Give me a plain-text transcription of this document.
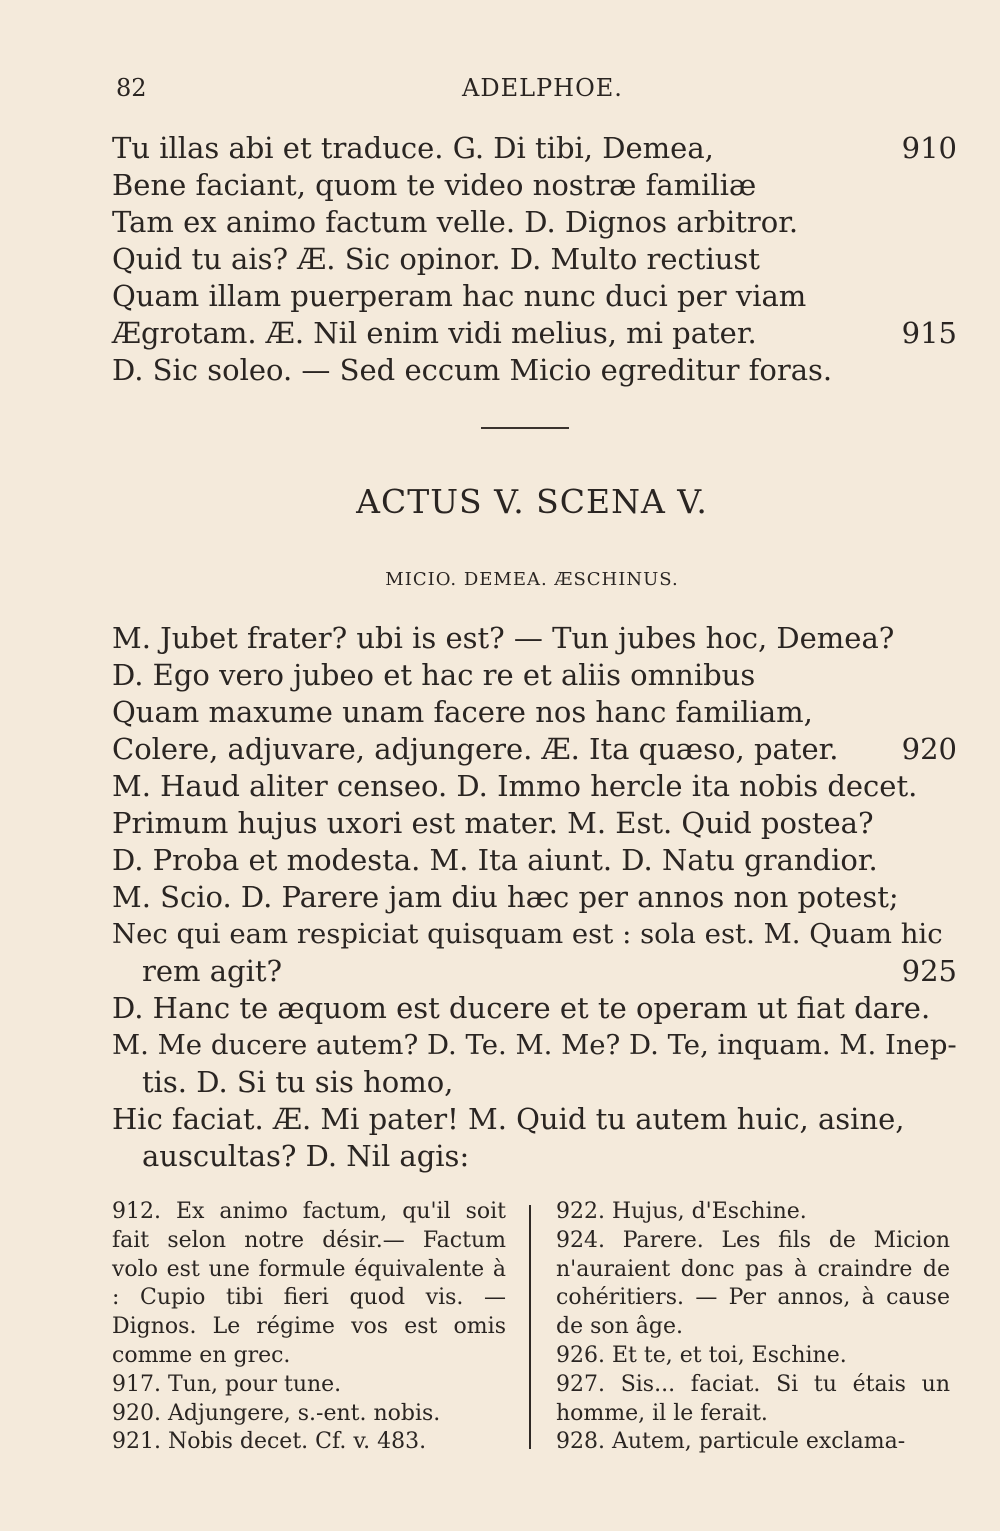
82	ADELPHOE.
Tu illas abi et traduce. G. Di tibi, Demea,	910
Bene faciant, quom te video nostræ familiæ
Tam ex animo factum velle. D. Dignos arbitror.
Quid tu ais? Æ. Sic opinor. D. Multo rectiust
Quam illam puerperam hac nunc duci per viam
Ægrotam. Æ. Nil enim vidi melius, mi pater.	915
D. Sic soleo. — Sed eccum Micio egreditur foras.
ACTUS V. SCENA V.
MICIO. DEMEA. ÆSCHINUS.
M. Jubet frater? ubi is est? — Tun jubes hoc, Demea?
D. Ego vero jubeo et hac re et aliis omnibus
Quam maxume unam facere nos hanc familiam,
Colere, adjuvare, adjungere. Æ. Ita quæso, pater. 920
M. Haud aliter censeo. D. Immo hercle ita nobis decet.
Primum hujus uxori est mater. M. Est. Quid postea?
D. Proba et modesta. M. Ita aiunt. D. Natu grandior.
M. Scio. D. Parere jam diu hæc per annos non potest;
Nec qui eam respiciat quisquam est : sola est. M. Quam hic
rem agit?	925
D. Hanc te æquom est ducere et te operam ut fiat dare.
M. Me ducere autem? D. Te. M. Me? D. Te, inquam. M. Inep-
tis. D. Si tu sis homo,
Hic faciat. Æ. Mi pater! M. Quid tu autem huic, asine,
auscultas? D. Nil agis:
912. Ex animo factum, qu'il soit fait selon notre désir.— Factum volo est une formule équivalente à : Cupio tibi fieri quod vis. — Dignos. Le régime vos est omis comme en grec.
917. Tun, pour tune.
920. Adjungere, s.-ent. nobis.
921. Nobis decet. Cf. v. 483.
922. Hujus, d'Eschine.
924. Parere. Les fils de Micion n'auraient donc pas à craindre de cohéritiers. — Per annos, à cause de son âge.
926. Et te, et toi, Eschine.
927. Sis... faciat. Si tu étais un homme, il le ferait.
928. Autem, particule exclama-
